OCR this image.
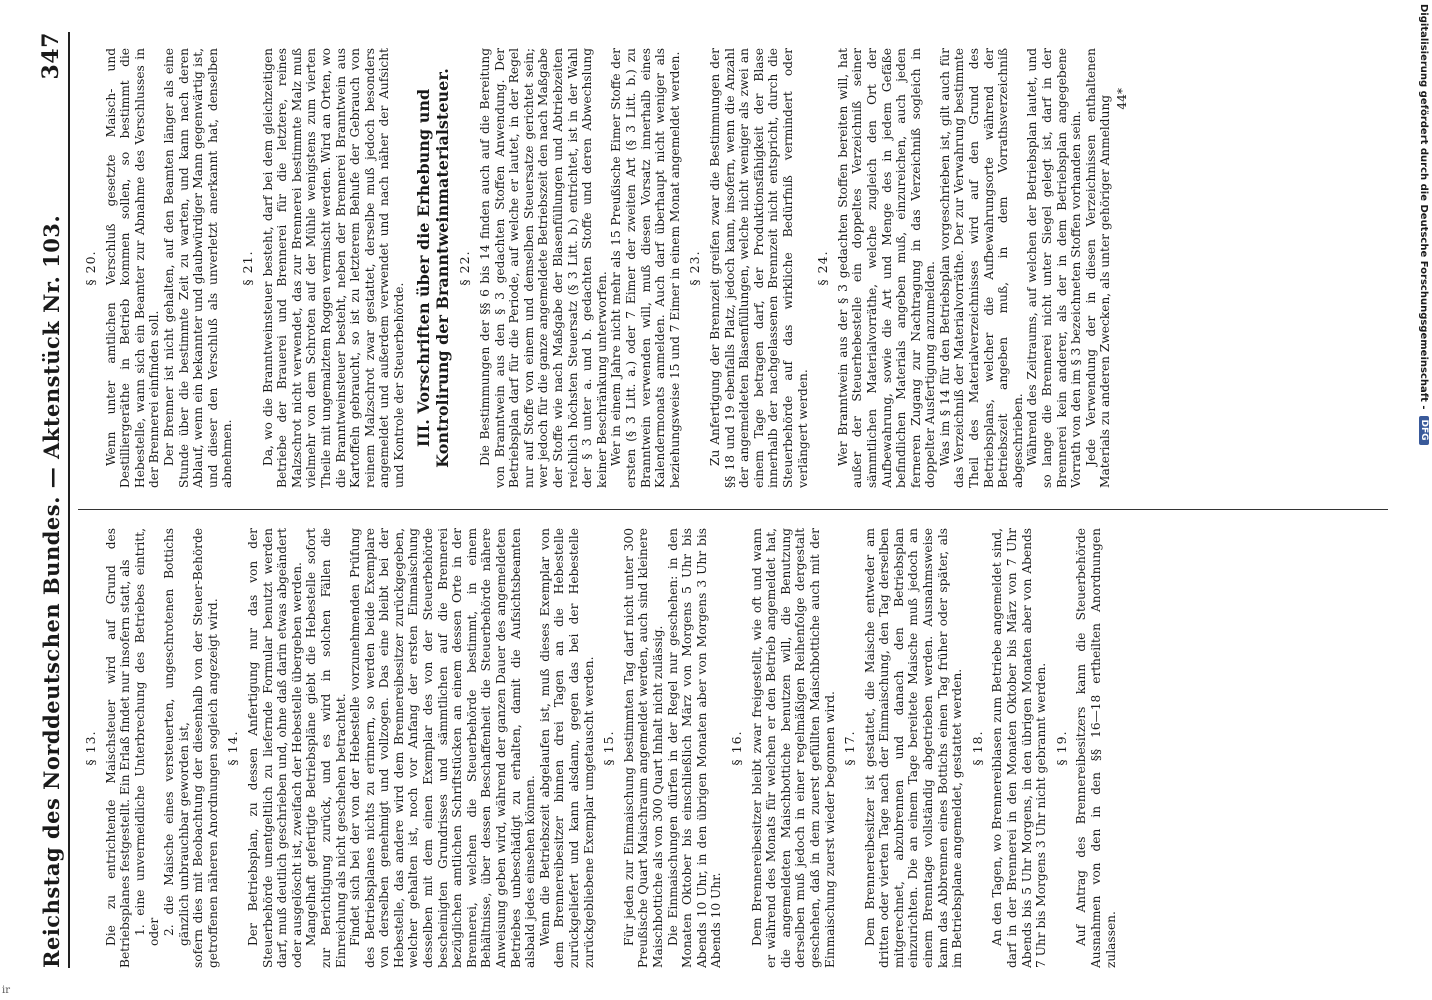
Reichstag des Norddeutschen Bundes. — Aktenstück Nr. 103.
347
§ 13. Die zu entrichtende Maischsteuer wird auf Grund des Betriebsplanes festgestellt. Ein Erlaß findet nur insofern statt, als 1. eine unvermeidliche Unterbrechung des Betriebes eintritt, oder 2. die Maische eines versteuerten, ungeschrotenen Bottichs gänzlich unbrauchbar geworden ist, sofern dies mit Beobachtung der diesenhalb von der Steuer-Behörde getroffenen näheren Anordnungen sogleich angezeigt wird. § 14. Der Betriebsplan, zu dessen Anfertigung nur das von der Steuerbehörde unentgeltlich zu liefernde Formular benutzt werden darf, muß deutlich geschrieben und, ohne daß darin etwas abgeändert oder ausgelöscht ist, zweifach der Hebestelle übergeben werden. Mangelhaft gefertigte Betriebspläne giebt die Hebestelle sofort zur Berichtigung zurück, und es wird in solchen Fällen die Einreichung als nicht geschehen betrachtet. Findet sich bei der von der Hebestelle vorzunehmenden Prüfung des Betriebsplanes nichts zu erinnern, so werden beide Exemplare von derselben genehmigt und vollzogen. Das eine bleibt bei der Hebestelle, das andere wird dem Brennereibesitzer zurückgegeben, welcher gehalten ist, noch vor Anfang der ersten Einmaischung desselben mit dem einen Exemplar des von der Steuerbehörde bescheinigten Grundrisses und sämmtlichen auf die Brennerei bezüglichen amtlichen Schriftstücken an einem dessen Orte in der Brennerei, welchen die Steuerbehörde bestimmt, in einem Behältnisse, über dessen Beschaffenheit die Steuerbehörde nähere Anweisung geben wird, während der ganzen Dauer des angemeldeten Betriebes unbeschädigt zu erhalten, damit die Aufsichtsbeamten alsbald jedes einsehen können. Wenn die Betriebszeit abgelaufen ist, muß dieses Exemplar von dem Brennereibesitzer binnen drei Tagen an die Hebestelle zurückgeliefert und kann alsdann, gegen das bei der Hebestelle zurückgebliebene Exemplar umgetauscht werden. § 15. Für jeden zur Einmaischung bestimmten Tag darf nicht unter 300 Preußische Quart Maischraum angemeldet werden, auch sind kleinere Maischbottiche als von 300 Quart Inhalt nicht zulässig. Die Einmaischungen dürfen in der Regel nur geschehen: in den Monaten Oktober bis einschließlich März von Morgens 5 Uhr bis Abends 10 Uhr, in den übrigen Monaten aber von Morgens 3 Uhr bis Abends 10 Uhr.

§ 16. Dem Brennereibesitzer bleibt zwar freigestellt, wie oft und wann er während des Monats für welchen er den Betrieb angemeldet hat, die angemeldeten Maischbottiche benutzen will, die Benutzung derselben muß jedoch in einer regelmäßigen Reihenfolge dergestalt geschehen, daß in dem zuerst gefüllten Maischbottiche auch mit der Einmaischung zuerst wieder begonnen wird. § 17. Dem Brennereibesitzer ist gestattet, die Maische entweder am dritten oder vierten Tage nach der Einmaischung, den Tag derselben mitgerechnet, abzubrennen und danach den Betriebsplan einzurichten. Die an einem Tage bereitete Maische muß jedoch an einem Brenntage vollständig abgetrieben werden. Ausnahmsweise kann das Abbrennen eines Bottichs einen Tag früher oder später, als im Betriebsplane angemeldet, gestattet werden. § 18. An den Tagen, wo Brennereiblasen zum Betriebe angemeldet sind, darf in der Brennerei in den Monaten Oktober bis März von 7 Uhr Abends bis 5 Uhr Morgens, in den übrigen Monaten aber von Abends 7 Uhr bis Morgens 3 Uhr nicht gebrannt werden. § 19. Auf Antrag des Brennereibesitzers kann die Steuerbehörde Ausnahmen von den in den §§ 16—18 ertheilten Anordnungen zulassen.

§ 20. Wenn unter amtlichen Verschluß gesetzte Maisch- und Destilliergeräthe in Betrieb kommen sollen, so bestimmt die Hebestelle, wann sich ein Beamter zur Abnahme des Verschlusses in der Brennerei einfinden soll. Der Brenner ist nicht gehalten, auf den Beamten länger als eine Stunde über die bestimmte Zeit zu warten, und kann nach deren Ablauf, wenn ein bekannter und glaubwürdiger Mann gegenwärtig ist, und dieser den Verschluß als unverletzt anerkannt hat, denselben abnehmen.

§ 21. Da, wo die Branntweinsteuer besteht, darf bei dem gleichzeitigen Betriebe der Brauerei und Brennerei für die letztere, reines Malzschrot nicht verwendet, das zur Brennerei bestimmte Malz muß vielmehr von dem Schroten auf der Mühle wenigstens zum vierten Theile mit ungemalztem Roggen vermischt werden. Wird an Orten, wo die Branntweinsteuer besteht, neben der Brennerei Branntwein aus Kartoffeln gebraucht, so ist zu letzterem Behufe der Gebrauch von reinem Malzschrot zwar gestattet, derselbe muß jedoch besonders angemeldet und außerdem verwendet und nach näher der Aufsicht und Kontrole der Steuerbehörde. III. Vorschriften über die Erhebung und Kontrolirung der Branntweinmaterialsteuer. § 22. Die Bestimmungen der §§ 6 bis 14 finden auch auf die Bereitung von Branntwein aus den § 3 gedachten Stoffen Anwendung. Der Betriebsplan darf für die Periode, auf welche er lautet, in der Regel nur auf Stoffe von einem und demselben Steuersatze gerichtet sein; wer jedoch für die ganze angemeldete Betriebszeit den nach Maßgabe der Stoffe wie nach Maßgabe der Blasenfüllungen und Abtriebzeiten reichlich höchsten Steuersatz (§ 3 Litt. b.) entrichtet, ist in der Wahl der § 3 unter a. und b. gedachten Stoffe und deren Abwechslung keiner Beschränkung unterworfen. Wer in einem Jahre nicht mehr als 15 Preußische Eimer Stoffe der ersten (§ 3 Litt. a.) oder 7 Eimer der zweiten Art (§ 3 Litt. b.) zu Branntwein verwenden will, muß diesen Vorsatz innerhalb eines Kalendermonats anmelden. Auch darf überhaupt nicht weniger als beziehungsweise 15 und 7 Eimer in einem Monat angemeldet werden. § 23. Zu Anfertigung der Brennzeit greifen zwar die Bestimmungen der §§ 18 und 19 ebenfalls Platz, jedoch kann, insofern, wenn die Anzahl der angemeldeten Blasenfüllungen, welche nicht weniger als zwei an einem Tage betragen darf, der Produktionsfähigkeit der Blase innerhalb der nachgelassenen Brennzeit nicht entspricht, durch die Steuerbehörde auf das wirkliche Bedürfniß vermindert oder verlängert werden.

§ 24. Wer Branntwein aus der § 3 gedachten Stoffen bereiten will, hat außer der Steuerhebestelle ein doppeltes Verzeichniß seiner sämmtlichen Materialvorräthe, welche zugleich den Ort der Aufbewahrung, sowie die Art und Menge des in jedem Gefäße befindlichen Materials angeben muß, einzureichen, auch jeden ferneren Zugang zur Nachtragung in das Verzeichniß sogleich in doppelter Ausfertigung anzumelden. Was im § 14 für den Betriebsplan vorgeschrieben ist, gilt auch für das Verzeichniß der Materialvorräthe. Der zur Verwahrung bestimmte Theil des Materialverzeichnisses wird auf den Grund des Betriebsplans, welcher die Aufbewahrungsorte während der Betriebszeit angeben muß, in dem Vorrathsverzeichniß abgeschrieben. Während des Zeitraums, auf welchen der Betriebsplan lautet, und so lange die Brennerei nicht unter Siegel gelegt ist, darf in der Brennerei kein anderer, als der in dem Betriebsplan angegebene Vorrath von den im § 3 bezeichneten Stoffen vorhanden sein. Jede Verwendung der in diesen Verzeichnissen enthaltenen Materials zu anderen Zwecken, als unter gehöriger Anmeldung 44*	Digitalisierung gefördert durch die Deutsche Forschungsgemeinschaft -
DFG
ir
